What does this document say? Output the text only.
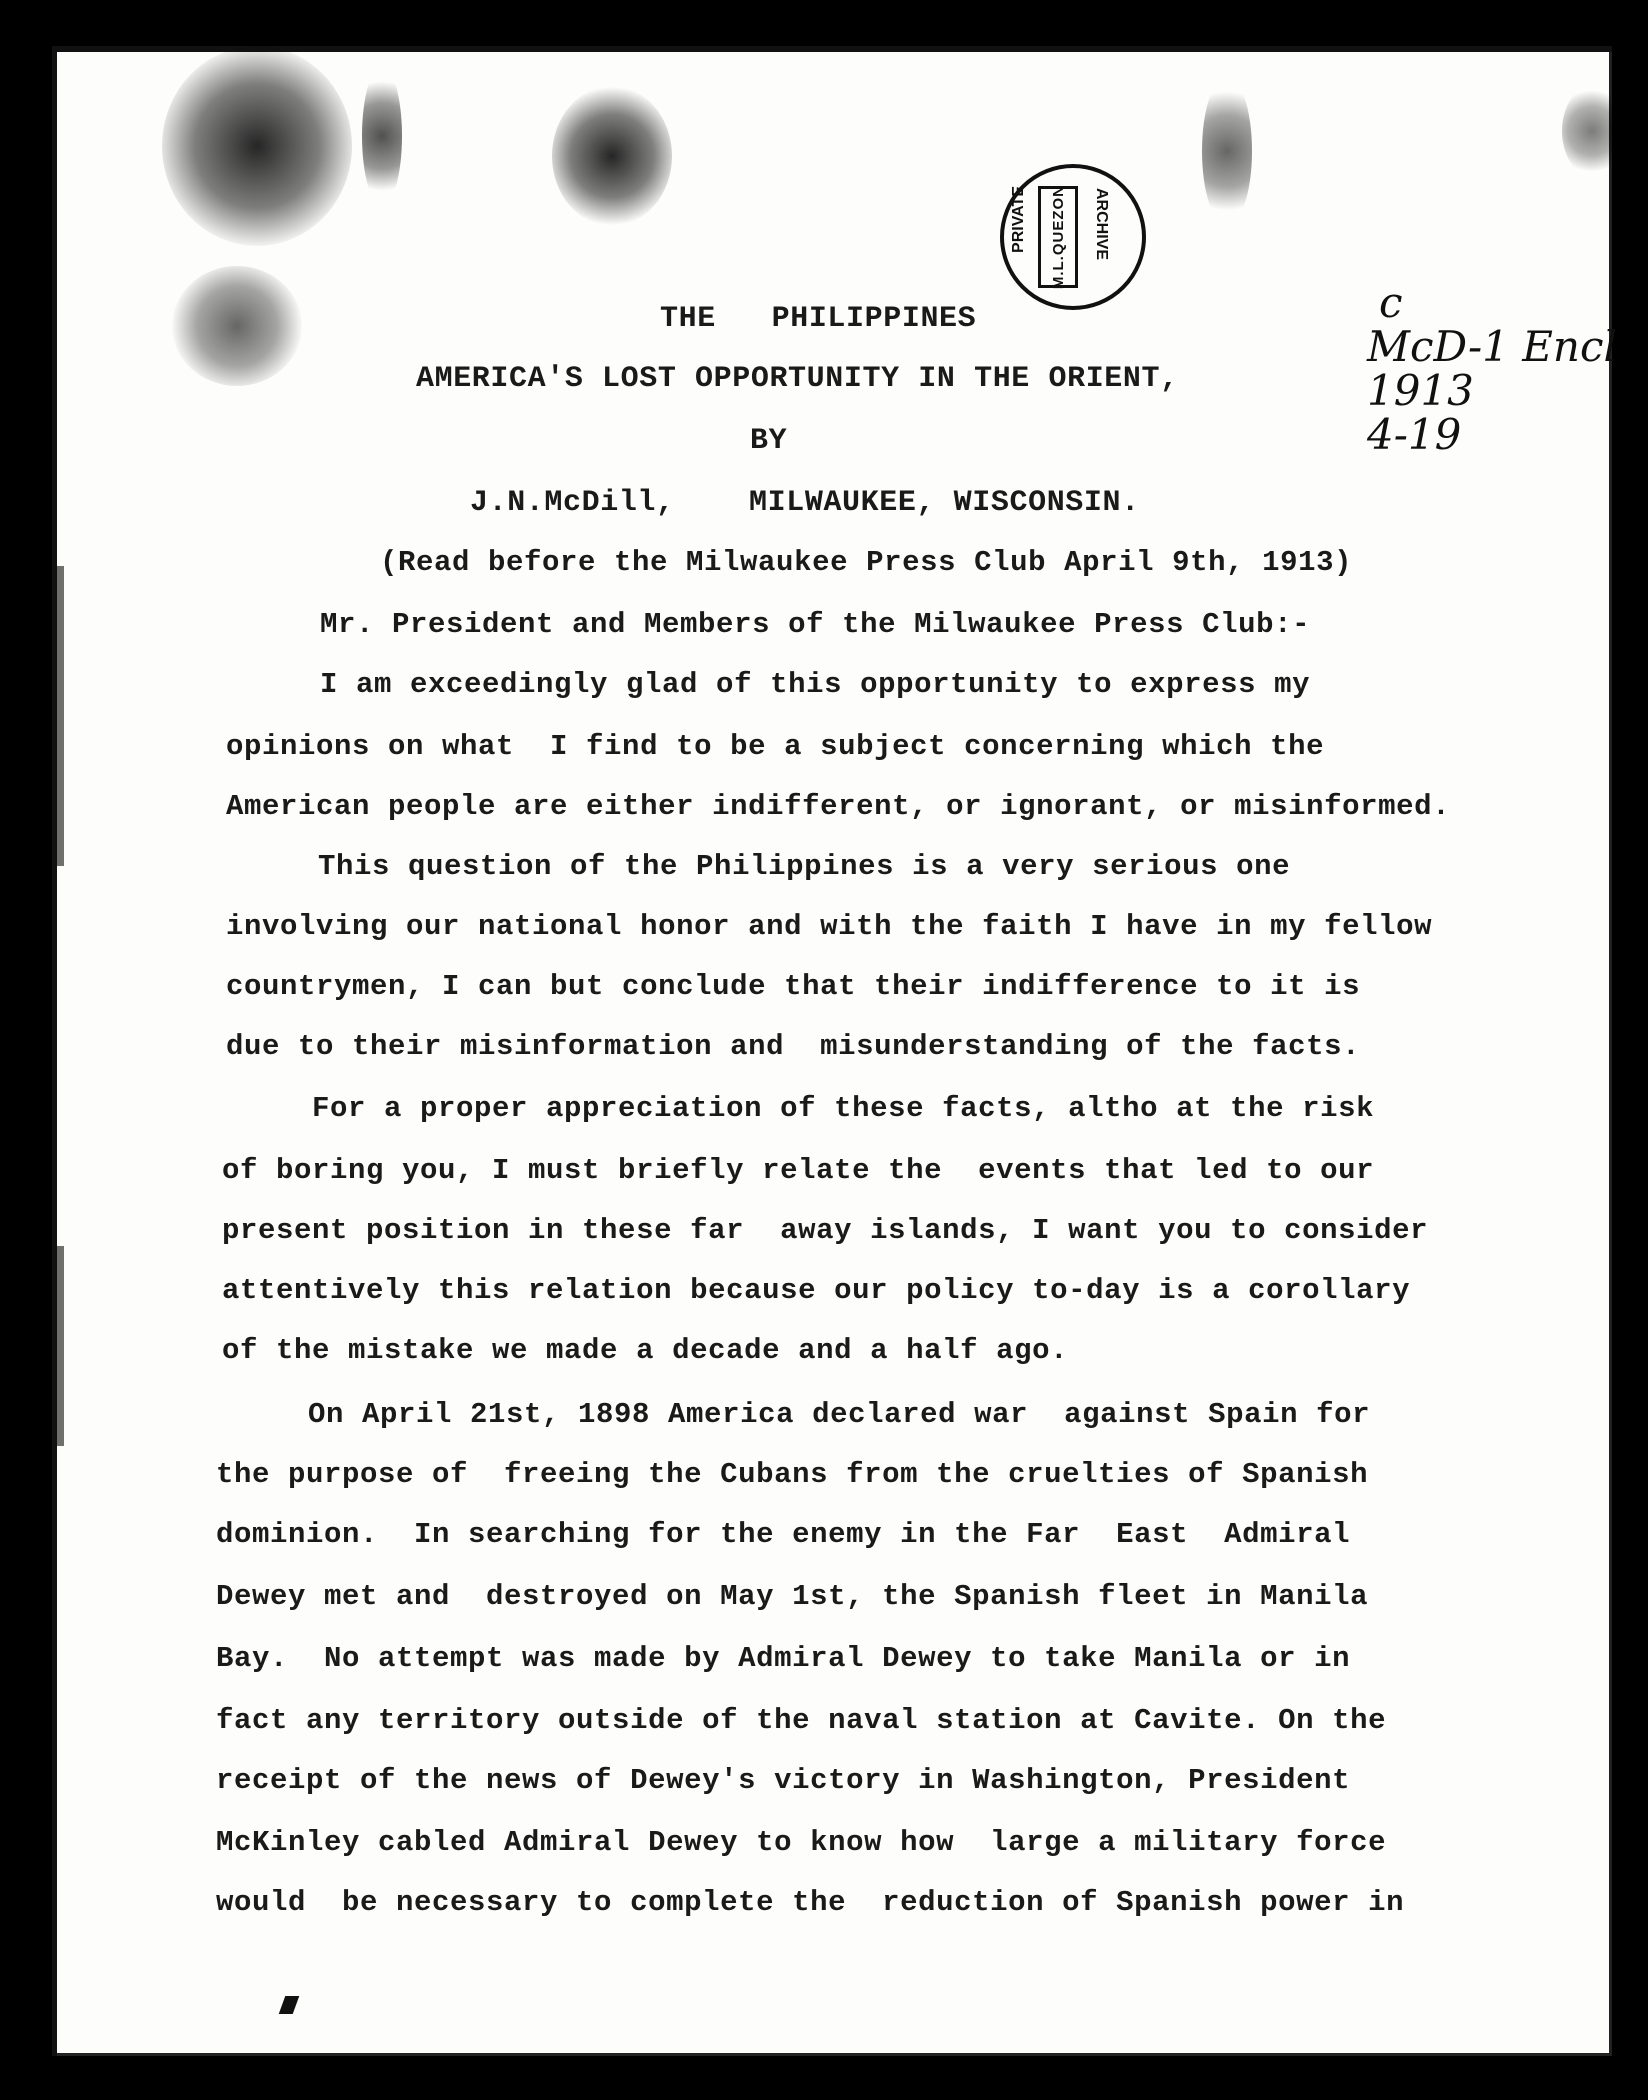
PRIVATE M.L.QUEZON ARCHIVE
c
McD-1 Encl
1913
4-19
THE   PHILIPPINES
AMERICA'S LOST OPPORTUNITY IN THE ORIENT,
BY
J.N.McDill,    MILWAUKEE, WISCONSIN.
(Read before the Milwaukee Press Club April 9th, 1913)
Mr. President and Members of the Milwaukee Press Club:-
I am exceedingly glad of this opportunity to express my
opinions on what  I find to be a subject concerning which the
American people are either indifferent, or ignorant, or misinformed.
This question of the Philippines is a very serious one
involving our national honor and with the faith I have in my fellow
countrymen, I can but conclude that their indifference to it is
due to their misinformation and  misunderstanding of the facts.
For a proper appreciation of these facts, altho at the risk
of boring you, I must briefly relate the  events that led to our
present position in these far  away islands, I want you to consider
attentively this relation because our policy to-day is a corollary
of the mistake we made a decade and a half ago.
On April 21st, 1898 America declared war  against Spain for
the purpose of  freeing the Cubans from the cruelties of Spanish
dominion.  In searching for the enemy in the Far  East  Admiral
Dewey met and  destroyed on May 1st, the Spanish fleet in Manila
Bay.  No attempt was made by Admiral Dewey to take Manila or in
fact any territory outside of the naval station at Cavite. On the
receipt of the news of Dewey's victory in Washington, President
McKinley cabled Admiral Dewey to know how  large a military force
would  be necessary to complete the  reduction of Spanish power in
